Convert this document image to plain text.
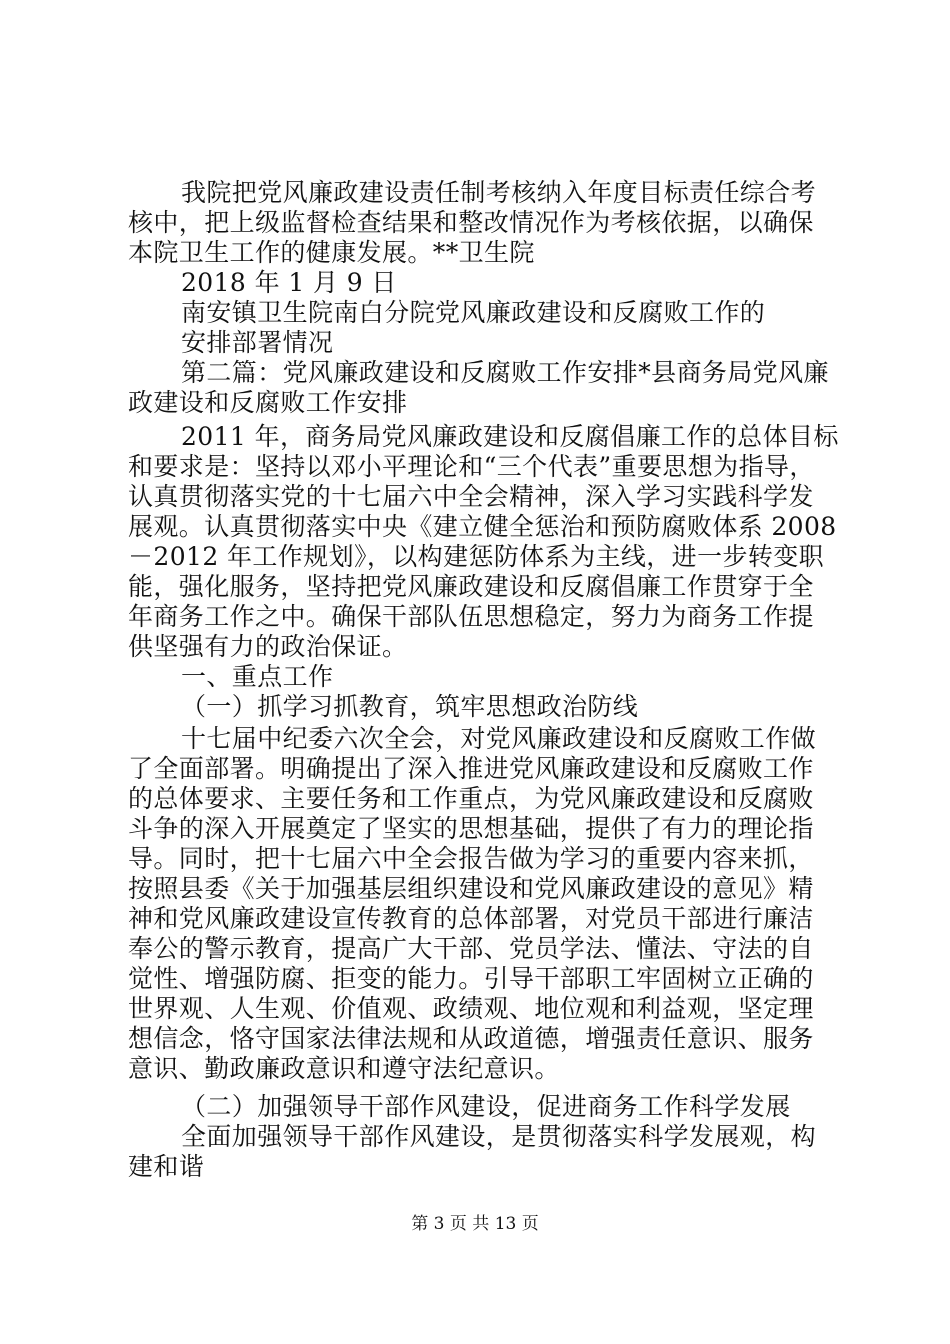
我院把党风廉政建设责任制考核纳入年度目标责任综合考
核中，把上级监督检查结果和整改情况作为考核依据，以确保
本院卫生工作的健康发展。**卫生院
2018 年 1 月 9 日
南安镇卫生院南白分院党风廉政建设和反腐败工作的
安排部署情况
第二篇：党风廉政建设和反腐败工作安排*县商务局党风廉
政建设和反腐败工作安排
2011 年，商务局党风廉政建设和反腐倡廉工作的总体目标
和要求是：坚持以邓小平理论和“三个代表”重要思想为指导，
认真贯彻落实党的十七届六中全会精神，深入学习实践科学发
展观。认真贯彻落实中央《建立健全惩治和预防腐败体系 2008
－2012 年工作规划》，以构建惩防体系为主线，进一步转变职
能，强化服务，坚持把党风廉政建设和反腐倡廉工作贯穿于全
年商务工作之中。确保干部队伍思想稳定，努力为商务工作提
供坚强有力的政治保证。
一、重点工作
（一）抓学习抓教育，筑牢思想政治防线
十七届中纪委六次全会，对党风廉政建设和反腐败工作做
了全面部署。明确提出了深入推进党风廉政建设和反腐败工作
的总体要求、主要任务和工作重点，为党风廉政建设和反腐败
斗争的深入开展奠定了坚实的思想基础，提供了有力的理论指
导。同时，把十七届六中全会报告做为学习的重要内容来抓，
按照县委《关于加强基层组织建设和党风廉政建设的意见》精
神和党风廉政建设宣传教育的总体部署，对党员干部进行廉洁
奉公的警示教育，提高广大干部、党员学法、懂法、守法的自
觉性、增强防腐、拒变的能力。引导干部职工牢固树立正确的
世界观、人生观、价值观、政绩观、地位观和利益观，坚定理
想信念，恪守国家法律法规和从政道德，增强责任意识、服务
意识、勤政廉政意识和遵守法纪意识。
（二）加强领导干部作风建设，促进商务工作科学发展
全面加强领导干部作风建设，是贯彻落实科学发展观，构
建和谐
第 3 页 共 13 页
